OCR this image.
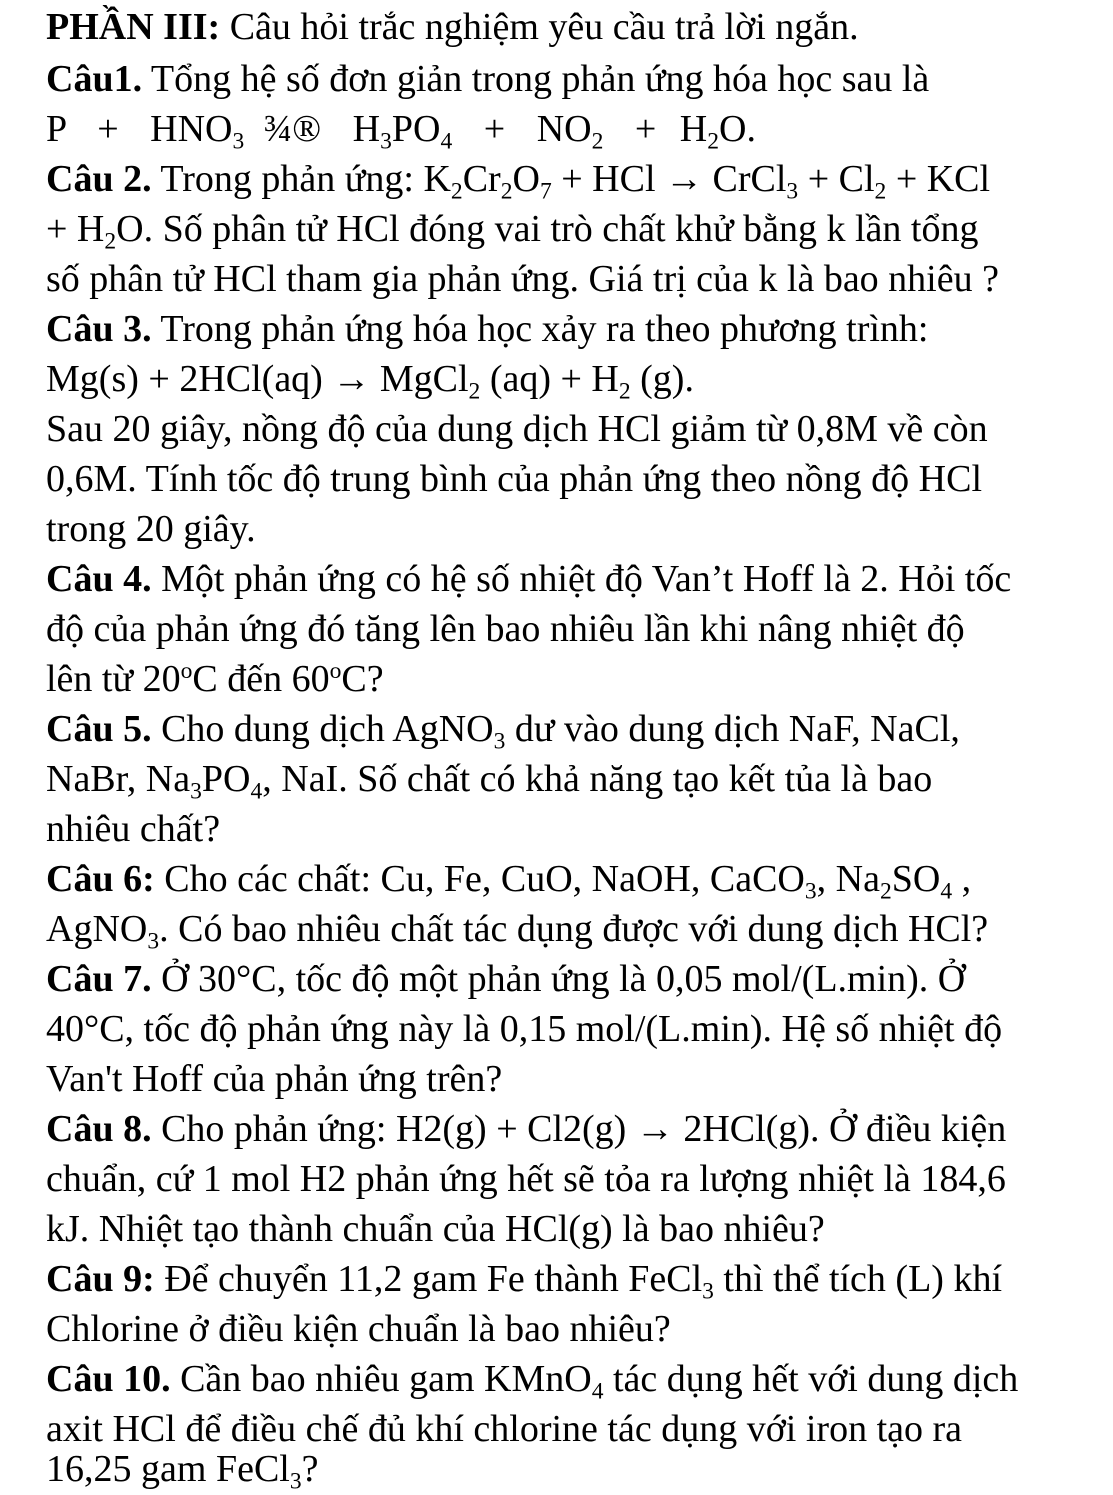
PHẦN III: Câu hỏi trắc nghiệm yêu cầu trả lời ngắn.
Câu1. Tổng hệ số đơn giản trong phản ứng hóa học sau là
$P + HNO_3$ ¾® $H_3PO_4 + NO_2 + H_2O$.
Câu 2. Trong phản ứng: $K_2Cr_2O_7$ + HCl → CrCl$_3$ + $Cl_2$ + KCl
+ $H_2O$. Số phân tử HCl đóng vai trò chất khử bằng k lần tổng
số phân tử HCl tham gia phản ứng. Giá trị của k là bao nhiêu ?
Câu 3. Trong phản ứng hóa học xảy ra theo phương trình:
Mg(s) + 2HCl(aq) → MgCl$_2$ $(aq) + H_2$ (g).
Sau 20 giây, nồng độ của dung dịch HCl giảm từ 0,8M về còn
0,6M. Tính tốc độ trung bình của phản ứng theo nồng độ HCl
trong 20 giây.
Câu 4. Một phản ứng có hệ số nhiệt độ Van’t Hoff là 2. Hỏi tốc
độ của phản ứng đó tăng lên bao nhiêu lần khi nâng nhiệt độ
lên từ 20$^o$C đến 60$^o$C?
Câu 5. Cho dung dịch AgNO$_3$ dư vào dung dịch NaF, NaCl,
NaBr, $Na_3PO_4$, NaI. Số chất có khả năng tạo kết tủa là bao
nhiêu chất?
Câu 6: Cho các chất: Cu, Fe, CuO, NaOH, CaCO$_3$, $Na_2SO_4$ ,
AgNO$_3$. Có bao nhiêu chất tác dụng được với dung dịch HCl?
Câu 7. Ở 30°C, tốc độ một phản ứng là 0,05 mol/(L.min). Ở
40°C, tốc độ phản ứng này là 0,15 mol/(L.min). Hệ số nhiệt độ
Van't Hoff của phản ứng trên?
Câu 8. Cho phản ứng: H2(g) + Cl2(g) → 2HCl(g). Ở điều kiện
chuẩn, cứ 1 mol H2 phản ứng hết sẽ tỏa ra lượng nhiệt là 184,6
kJ. Nhiệt tạo thành chuẩn của HCl(g) là bao nhiêu?
Câu 9: Để chuyển 11,2 gam Fe thành FeCl$_3$ thì thể tích (L) khí
Chlorine ở điều kiện chuẩn là bao nhiêu?
Câu 10. Cần bao nhiêu gam KMnO$_4$ tác dụng hết với dung dịch
axit HCl để điều chế đủ khí chlorine tác dụng với iron tạo ra
16,25 gam FeCl$_3$?
